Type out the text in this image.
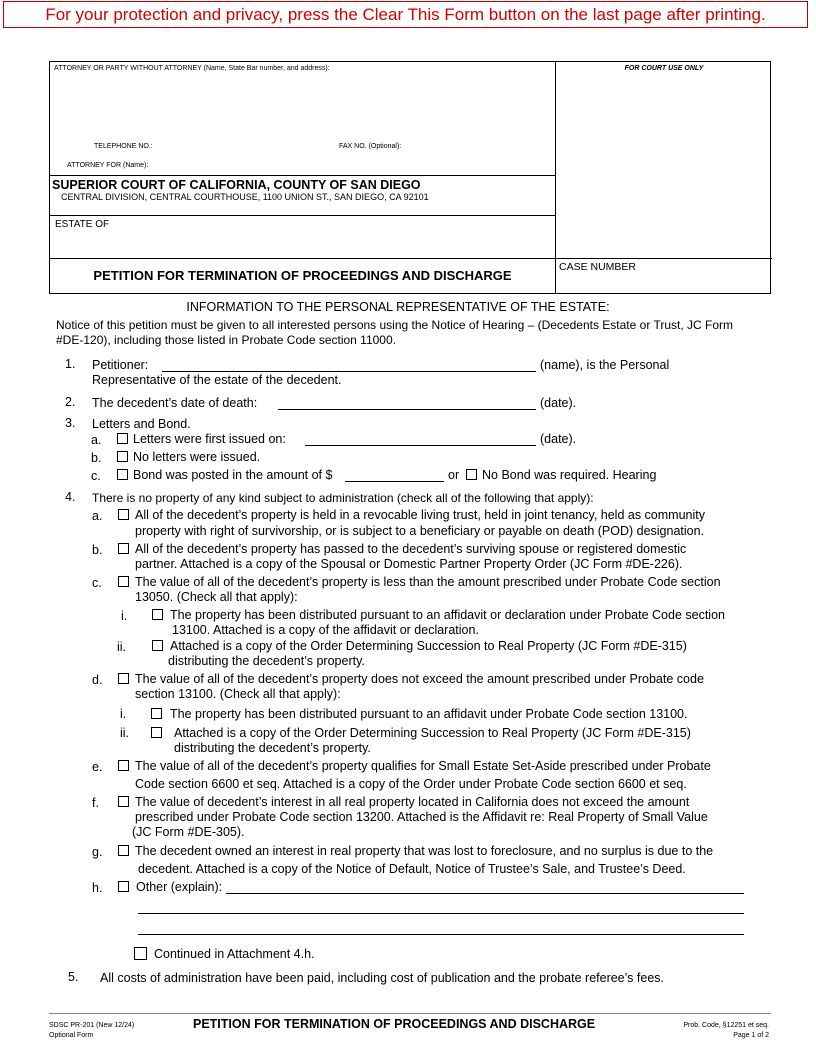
For your protection and privacy, press the Clear This Form button on the last page after printing.
ATTORNEY OR PARTY WITHOUT ATTORNEY (Name, State Bar number, and address):	FOR COURT USE ONLY
TELEPHONE NO.:	FAX NO. (Optional):
ATTORNEY FOR (Name):
SUPERIOR COURT OF CALIFORNIA, COUNTY OF SAN DIEGO
CENTRAL DIVISION, CENTRAL COURTHOUSE, 1100 UNION ST., SAN DIEGO, CA 92101
ESTATE OF
PETITION FOR TERMINATION OF PROCEEDINGS AND DISCHARGE
CASE NUMBER
INFORMATION TO THE PERSONAL REPRESENTATIVE OF THE ESTATE:
Notice of this petition must be given to all interested persons using the Notice of Hearing – (Decedents Estate or Trust, JC Form
#DE-120), including those listed in Probate Code section 11000.
1. Petitioner:	(name), is the Personal
Representative of the estate of the decedent.
2. The decedent’s date of death:	(date).
3. Letters and Bond.
a.	Letters were first issued on:	(date).
b.	No letters were issued.
c.	Bond was posted in the amount of $	or No Bond was required. Hearing
4. There is no property of any kind subject to administration (check all of the following that apply):
a.	All of the decedent’s property is held in a revocable living trust, held in joint tenancy, held as community
property with right of survivorship, or is subject to a beneficiary or payable on death (POD) designation.
b.	All of the decedent’s property has passed to the decedent’s surviving spouse or registered domestic
partner. Attached is a copy of the Spousal or Domestic Partner Property Order (JC Form #DE-226).
c.	The value of all of the decedent’s property is less than the amount prescribed under Probate Code section
13050. (Check all that apply):
i.	The property has been distributed pursuant to an affidavit or declaration under Probate Code section
13100. Attached is a copy of the affidavit or declaration.
ii.	Attached is a copy of the Order Determining Succession to Real Property (JC Form #DE-315)
distributing the decedent’s property.
d.	The value of all of the decedent’s property does not exceed the amount prescribed under Probate code
section 13100. (Check all that apply):
i.	The property has been distributed pursuant to an affidavit under Probate Code section 13100.
ii.	Attached is a copy of the Order Determining Succession to Real Property (JC Form #DE-315)
distributing the decedent’s property.
e.	The value of all of the decedent’s property qualifies for Small Estate Set-Aside prescribed under Probate
Code section 6600 et seq. Attached is a copy of the Order under Probate Code section 6600 et seq.
f.	The value of decedent’s interest in all real property located in California does not exceed the amount
prescribed under Probate Code section 13200. Attached is the Affidavit re: Real Property of Small Value
(JC Form #DE-305).
g.	The decedent owned an interest in real property that was lost to foreclosure, and no surplus is due to the
decedent. Attached is a copy of the Notice of Default, Notice of Trustee’s Sale, and Trustee’s Deed.
h.	Other (explain):
Continued in Attachment 4.h.
5. All costs of administration have been paid, including cost of publication and the probate referee’s fees.
SDSC PR-201 (New 12/24)
Optional Form
PETITION FOR TERMINATION OF PROCEEDINGS AND DISCHARGE	Prob. Code, §12251 et seq.
Page 1 of 2
